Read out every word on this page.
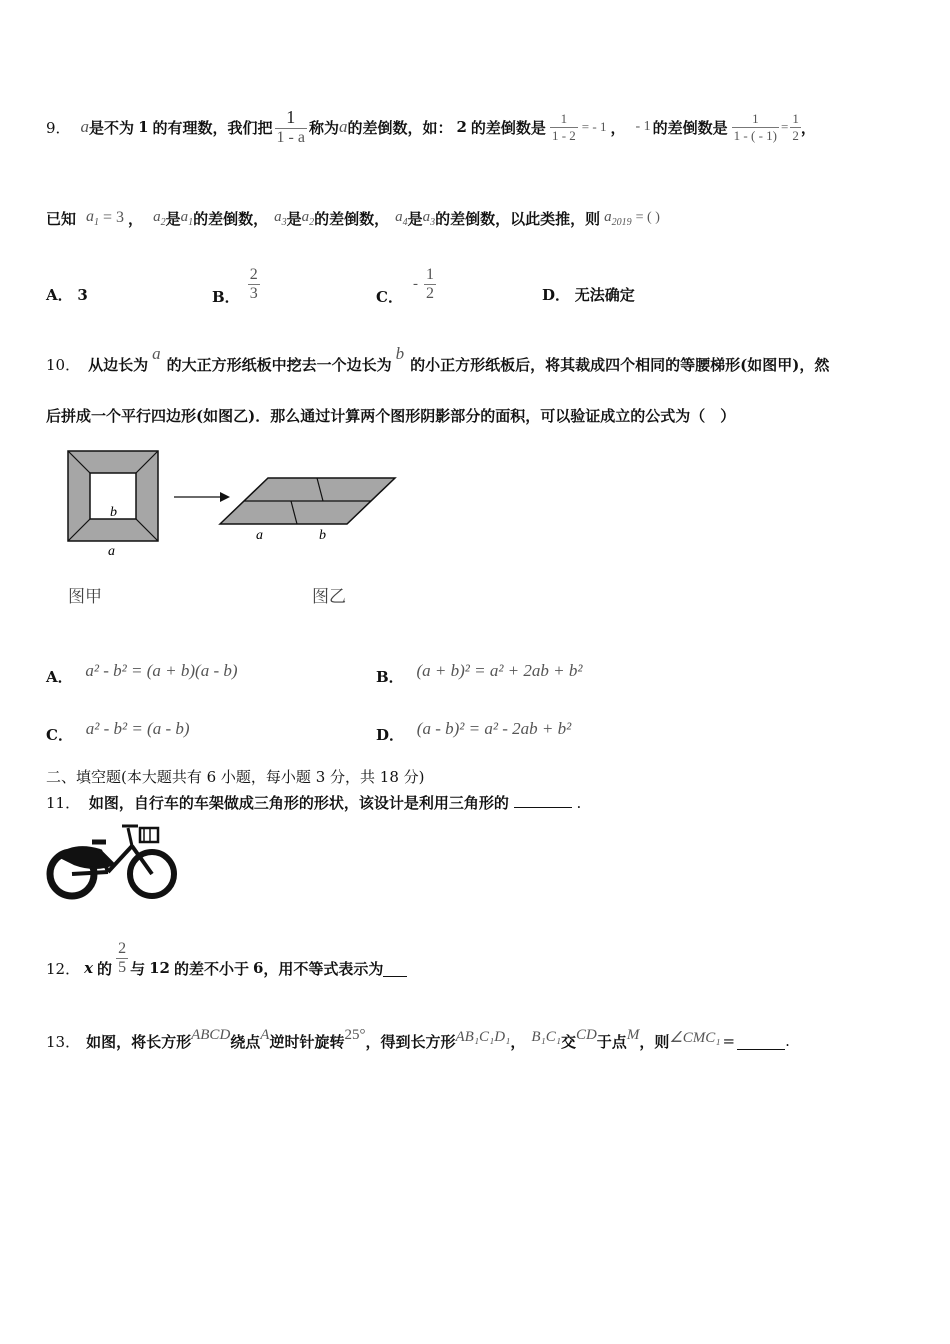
9． a 是不为 1 的有理数，我们把 $\frac{1}{1 - a}$ 称为 a 的差倒数，如： 2 的差倒数是 $\frac{1}{1 - 2}$ = - 1 ， - 1 的差倒数是 $\frac{1}{1 - ( - 1)} = \frac{1}{2}$ ，
已知 $a_1 = 3$ ， $a_2$ 是 $a_1$ 的差倒数， $a_3$ 是 $a_2$ 的差倒数， $a_4$ 是 $a_3$ 的差倒数，以此类推，则 $a_{2019}$ = ( )
A． 3	B． $\frac{2}{3}$	C．
- $\frac{1}{2}$	D． 无法确定
10． 从边长为
a
的大正方形纸板中挖去一个边长为
b
的小正方形纸板后，将其裁成四个相同的等腰梯形(如图甲)，然
后拼成一个平行四边形(如图乙)．那么通过计算两个图形阴影部分的面积，可以验证成立的公式为（　）
b
a
a	b
图甲	图乙
A． a² - b² = (a + b)(a - b)	B． (a + b)² = a² + 2ab + b²
C． a² - b² = (a - b)	D． (a - b)² = a² - 2ab + b²
二、填空题(本大题共有 6 小题，每小题 3 分，共 18 分)
11． 如图，自行车的车架做成三角形的形状，该设计是利用三角形的	.
12． x 的 $\frac{2}{5}$ 与 12 的差不小于 6 ，用不等式表示为
13． 如图，将长方形 ABCD 绕点 A 逆时针旋转 25° ，得到长方形 AB₁C₁D₁ ， B₁C₁ 交 CD 于点 M ，则 ∠CMC₁ =	.
